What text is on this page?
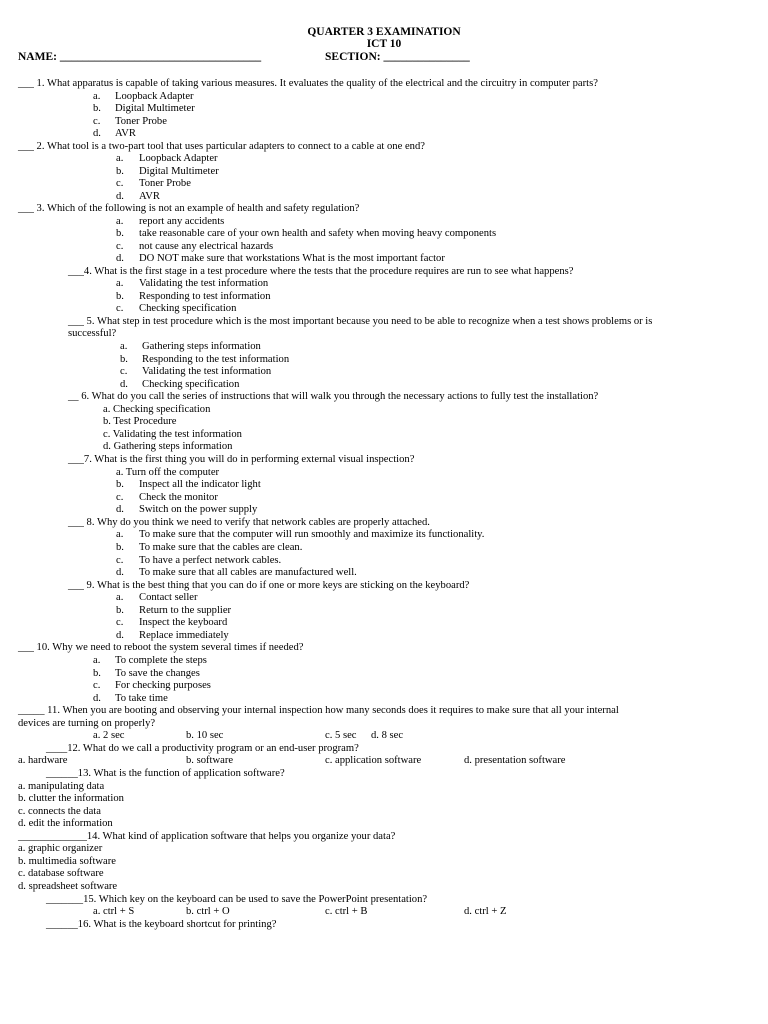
QUARTER 3 EXAMINATION
ICT 10
NAME: ___________________________________	SECTION: _______________
___ 1. What apparatus is capable of taking various measures. It evaluates the quality of the electrical and the circuitry in computer parts?
a. Loopback Adapter
b. Digital Multimeter
c. Toner Probe
d. AVR
___ 2. What tool is a two-part tool that uses particular adapters to connect to a cable at one end?
a. Loopback Adapter
b. Digital Multimeter
c. Toner Probe
d. AVR
___ 3. Which of the following is not an example of health and safety regulation?
a. report any accidents
b. take reasonable care of your own health and safety when moving heavy components
c. not cause any electrical hazards
d. DO NOT make sure that workstations What is the most important factor
___4. What is the first stage in a test procedure where the tests that the procedure requires are run to see what happens?
a. Validating the test information
b. Responding to test information
c. Checking specification
___ 5. What step in test procedure which is the most important because you need to be able to recognize when a test shows problems or is
successful?
a. Gathering steps information
b. Responding to the test information
c. Validating the test information
d. Checking specification
__ 6. What do you call the series of instructions that will walk you through the necessary actions to fully test the installation?
a. Checking specification
b. Test Procedure
c. Validating the test information
d. Gathering steps information
___7. What is the first thing you will do in performing external visual inspection?
a. Turn off the computer
b. Inspect all the indicator light
c. Check the monitor
d. Switch on the power supply
___ 8. Why do you think we need to verify that network cables are properly attached.
a. To make sure that the computer will run smoothly and maximize its functionality.
b. To make sure that the cables are clean.
c. To have a perfect network cables.
d. To make sure that all cables are manufactured well.
___ 9. What is the best thing that you can do if one or more keys are sticking on the keyboard?
a. Contact seller
b. Return to the supplier
c. Inspect the keyboard
d. Replace immediately
___ 10. Why we need to reboot the system several times if needed?
a. To complete the steps
b. To save the changes
c. For checking purposes
d. To take time
_____ 11. When you are booting and observing your internal inspection how many seconds does it requires to make sure that all your internal
devices are turning on properly?
a. 2 sec	b. 10 sec	c. 5 sec d. 8 sec
____12. What do we call a productivity program or an end-user program?
a. hardware	b. software	c. application software	d. presentation software
______13. What is the function of application software?
a. manipulating data
b. clutter the information
c. connects the data
d. edit the information
_____________14. What kind of application software that helps you organize your data?
a. graphic organizer
b. multimedia software
c. database software
d. spreadsheet software
_______15. Which key on the keyboard can be used to save the PowerPoint presentation?
a. ctrl + S	b. ctrl + O	c. ctrl + B	d. ctrl + Z
______16. What is the keyboard shortcut for printing?
